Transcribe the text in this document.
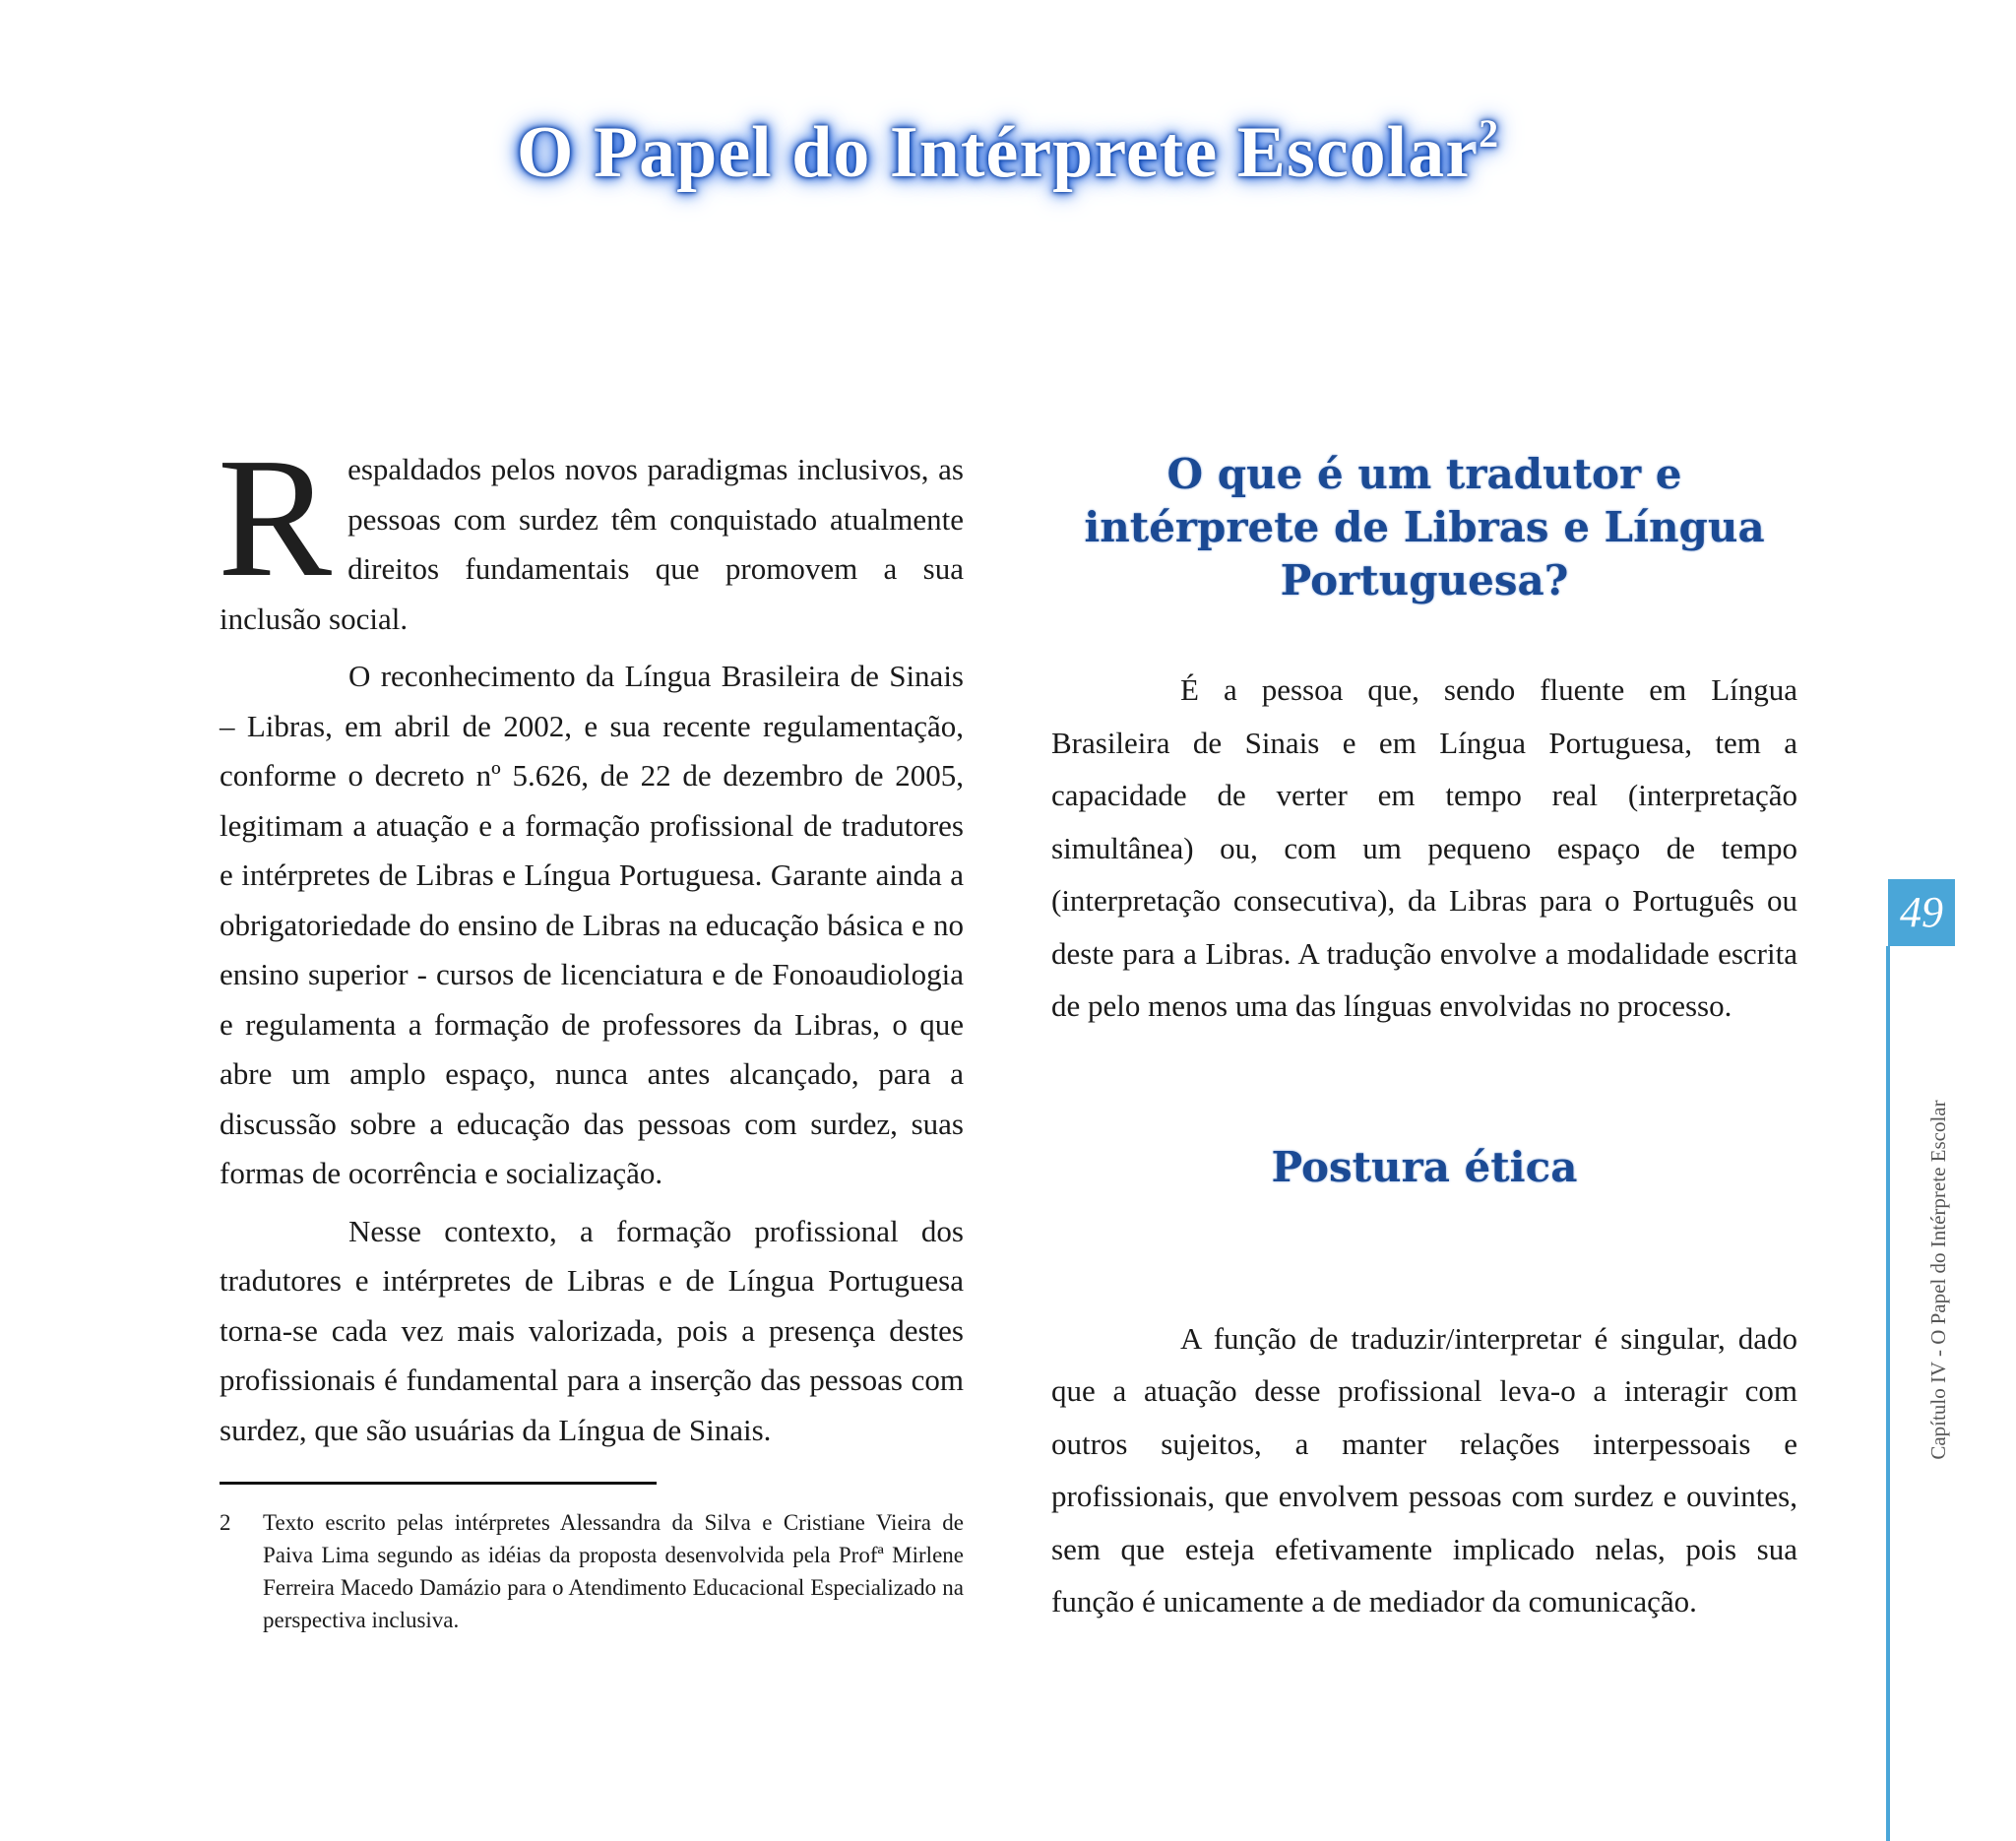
O Papel do Intérprete Escolar$^2$

Respaldados pelos novos paradigmas inclusivos, as pessoas com surdez têm conquistado atualmente direitos fundamentais que promovem a sua inclusão social.

O reconhecimento da Língua Brasileira de Sinais – Libras, em abril de 2002, e sua recente regulamentação, conforme o decreto nº 5.626, de 22 de dezembro de 2005, legitimam a atuação e a formação profissional de tradutores e intérpretes de Libras e Língua Portuguesa. Garante ainda a obrigatoriedade do ensino de Libras na educação básica e no ensino superior - cursos de licenciatura e de Fonoaudiologia e regulamenta a formação de professores da Libras, o que abre um amplo espaço, nunca antes alcançado, para a discussão sobre a educação das pessoas com surdez, suas formas de ocorrência e socialização.

Nesse contexto, a formação profissional dos tradutores e intérpretes de Libras e de Língua Portuguesa torna-se cada vez mais valorizada, pois a presença destes profissionais é fundamental para a inserção das pessoas com surdez, que são usuárias da Língua de Sinais.

2 Texto escrito pelas intérpretes Alessandra da Silva e Cristiane Vieira de Paiva Lima segundo as idéias da proposta desenvolvida pela Profª Mirlene Ferreira Macedo Damázio para o Atendimento Educacional Especializado na perspectiva inclusiva.
O que é um tradutor e intérprete de Libras e Língua Portuguesa?

É a pessoa que, sendo fluente em Língua Brasileira de Sinais e em Língua Portuguesa, tem a capacidade de verter em tempo real (interpretação simultânea) ou, com um pequeno espaço de tempo (interpretação consecutiva), da Libras para o Português ou deste para a Libras. A tradução envolve a modalidade escrita de pelo menos uma das línguas envolvidas no processo.

Postura ética

A função de traduzir/interpretar é singular, dado que a atuação desse profissional leva-o a interagir com outros sujeitos, a manter relações interpessoais e profissionais, que envolvem pessoas com surdez e ouvintes, sem que esteja efetivamente implicado nelas, pois sua função é unicamente a de mediador da comunicação.

49
Capítulo IV - O Papel do Intérprete Escolar
